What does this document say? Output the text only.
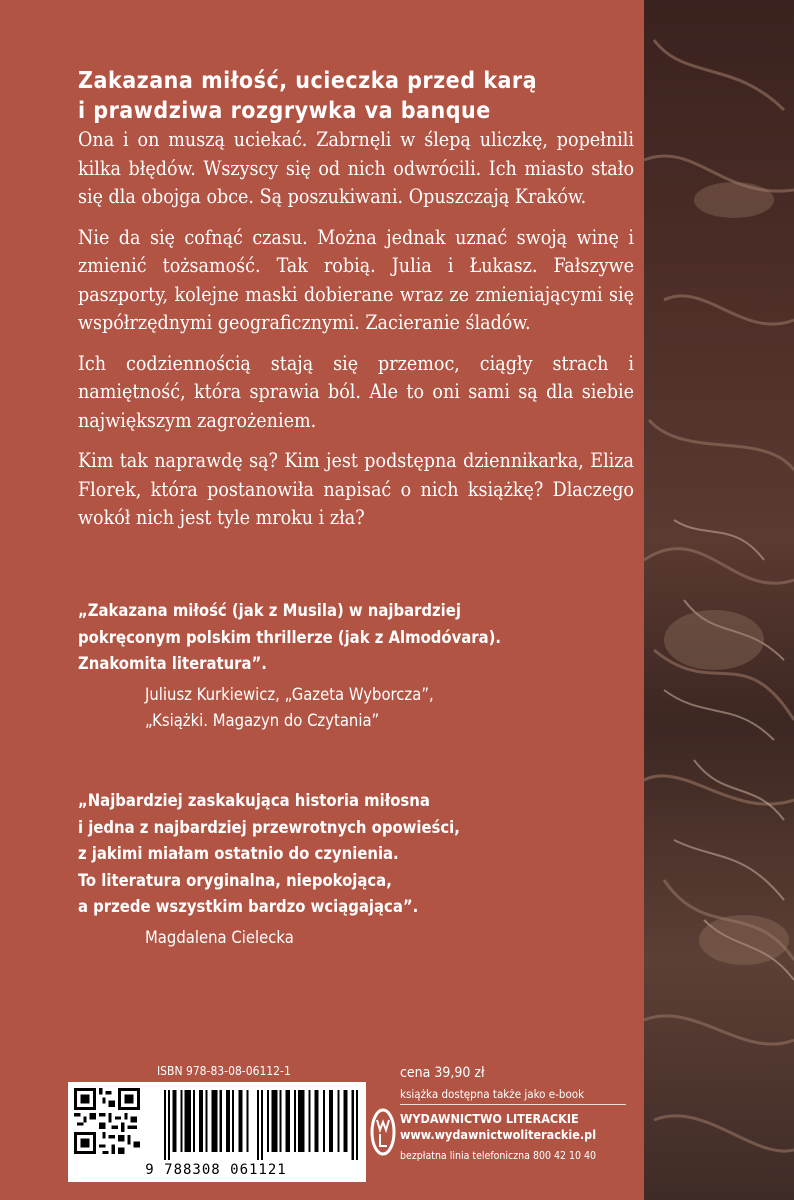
Zakazana miłość, ucieczka przed karą
i prawdziwa rozgrywka va banque

Ona i on muszą uciekać. Zabrnęli w ślepą uliczkę, popełnili kilka błędów. Wszyscy się od nich odwrócili. Ich miasto stało się dla obojga obce. Są poszukiwani. Opuszczają Kraków.

Nie da się cofnąć czasu. Można jednak uznać swoją winę i zmienić tożsamość. Tak robią. Julia i Łukasz. Fałszywe paszporty, kolejne maski dobierane wraz ze zmieniającymi się współrzędnymi geograficznymi. Zacieranie śladów.

Ich codziennością stają się przemoc, ciągły strach i namiętność, która sprawia ból. Ale to oni sami są dla siebie największym zagrożeniem.

Kim tak naprawdę są? Kim jest podstępna dziennikarka, Eliza Florek, która postanowiła napisać o nich książkę? Dlaczego wokół nich jest tyle mroku i zła?

„Zakazana miłość (jak z Musila) w najbardziej
pokręconym polskim thrillerze (jak z Almodóvara).
Znakomita literatura”.

Juliusz Kurkiewicz, „Gazeta Wyborcza”,
„Książki. Magazyn do Czytania”

„Najbardziej zaskakująca historia miłosna
i jedna z najbardziej przewrotnych opowieści,
z jakimi miałam ostatnio do czynienia.
To literatura oryginalna, niepokojąca,
a przede wszystkim bardzo wciągająca”.

Magdalena Cielecka

ISBN 978-83-08-06112-1
9 788308 061121
cena 39,90 zł
książka dostępna także jako e-book
WYDAWNICTWO LITERACKIE
www.wydawnictwoliterackie.pl
bezpłatna linia telefoniczna 800 42 10 40
